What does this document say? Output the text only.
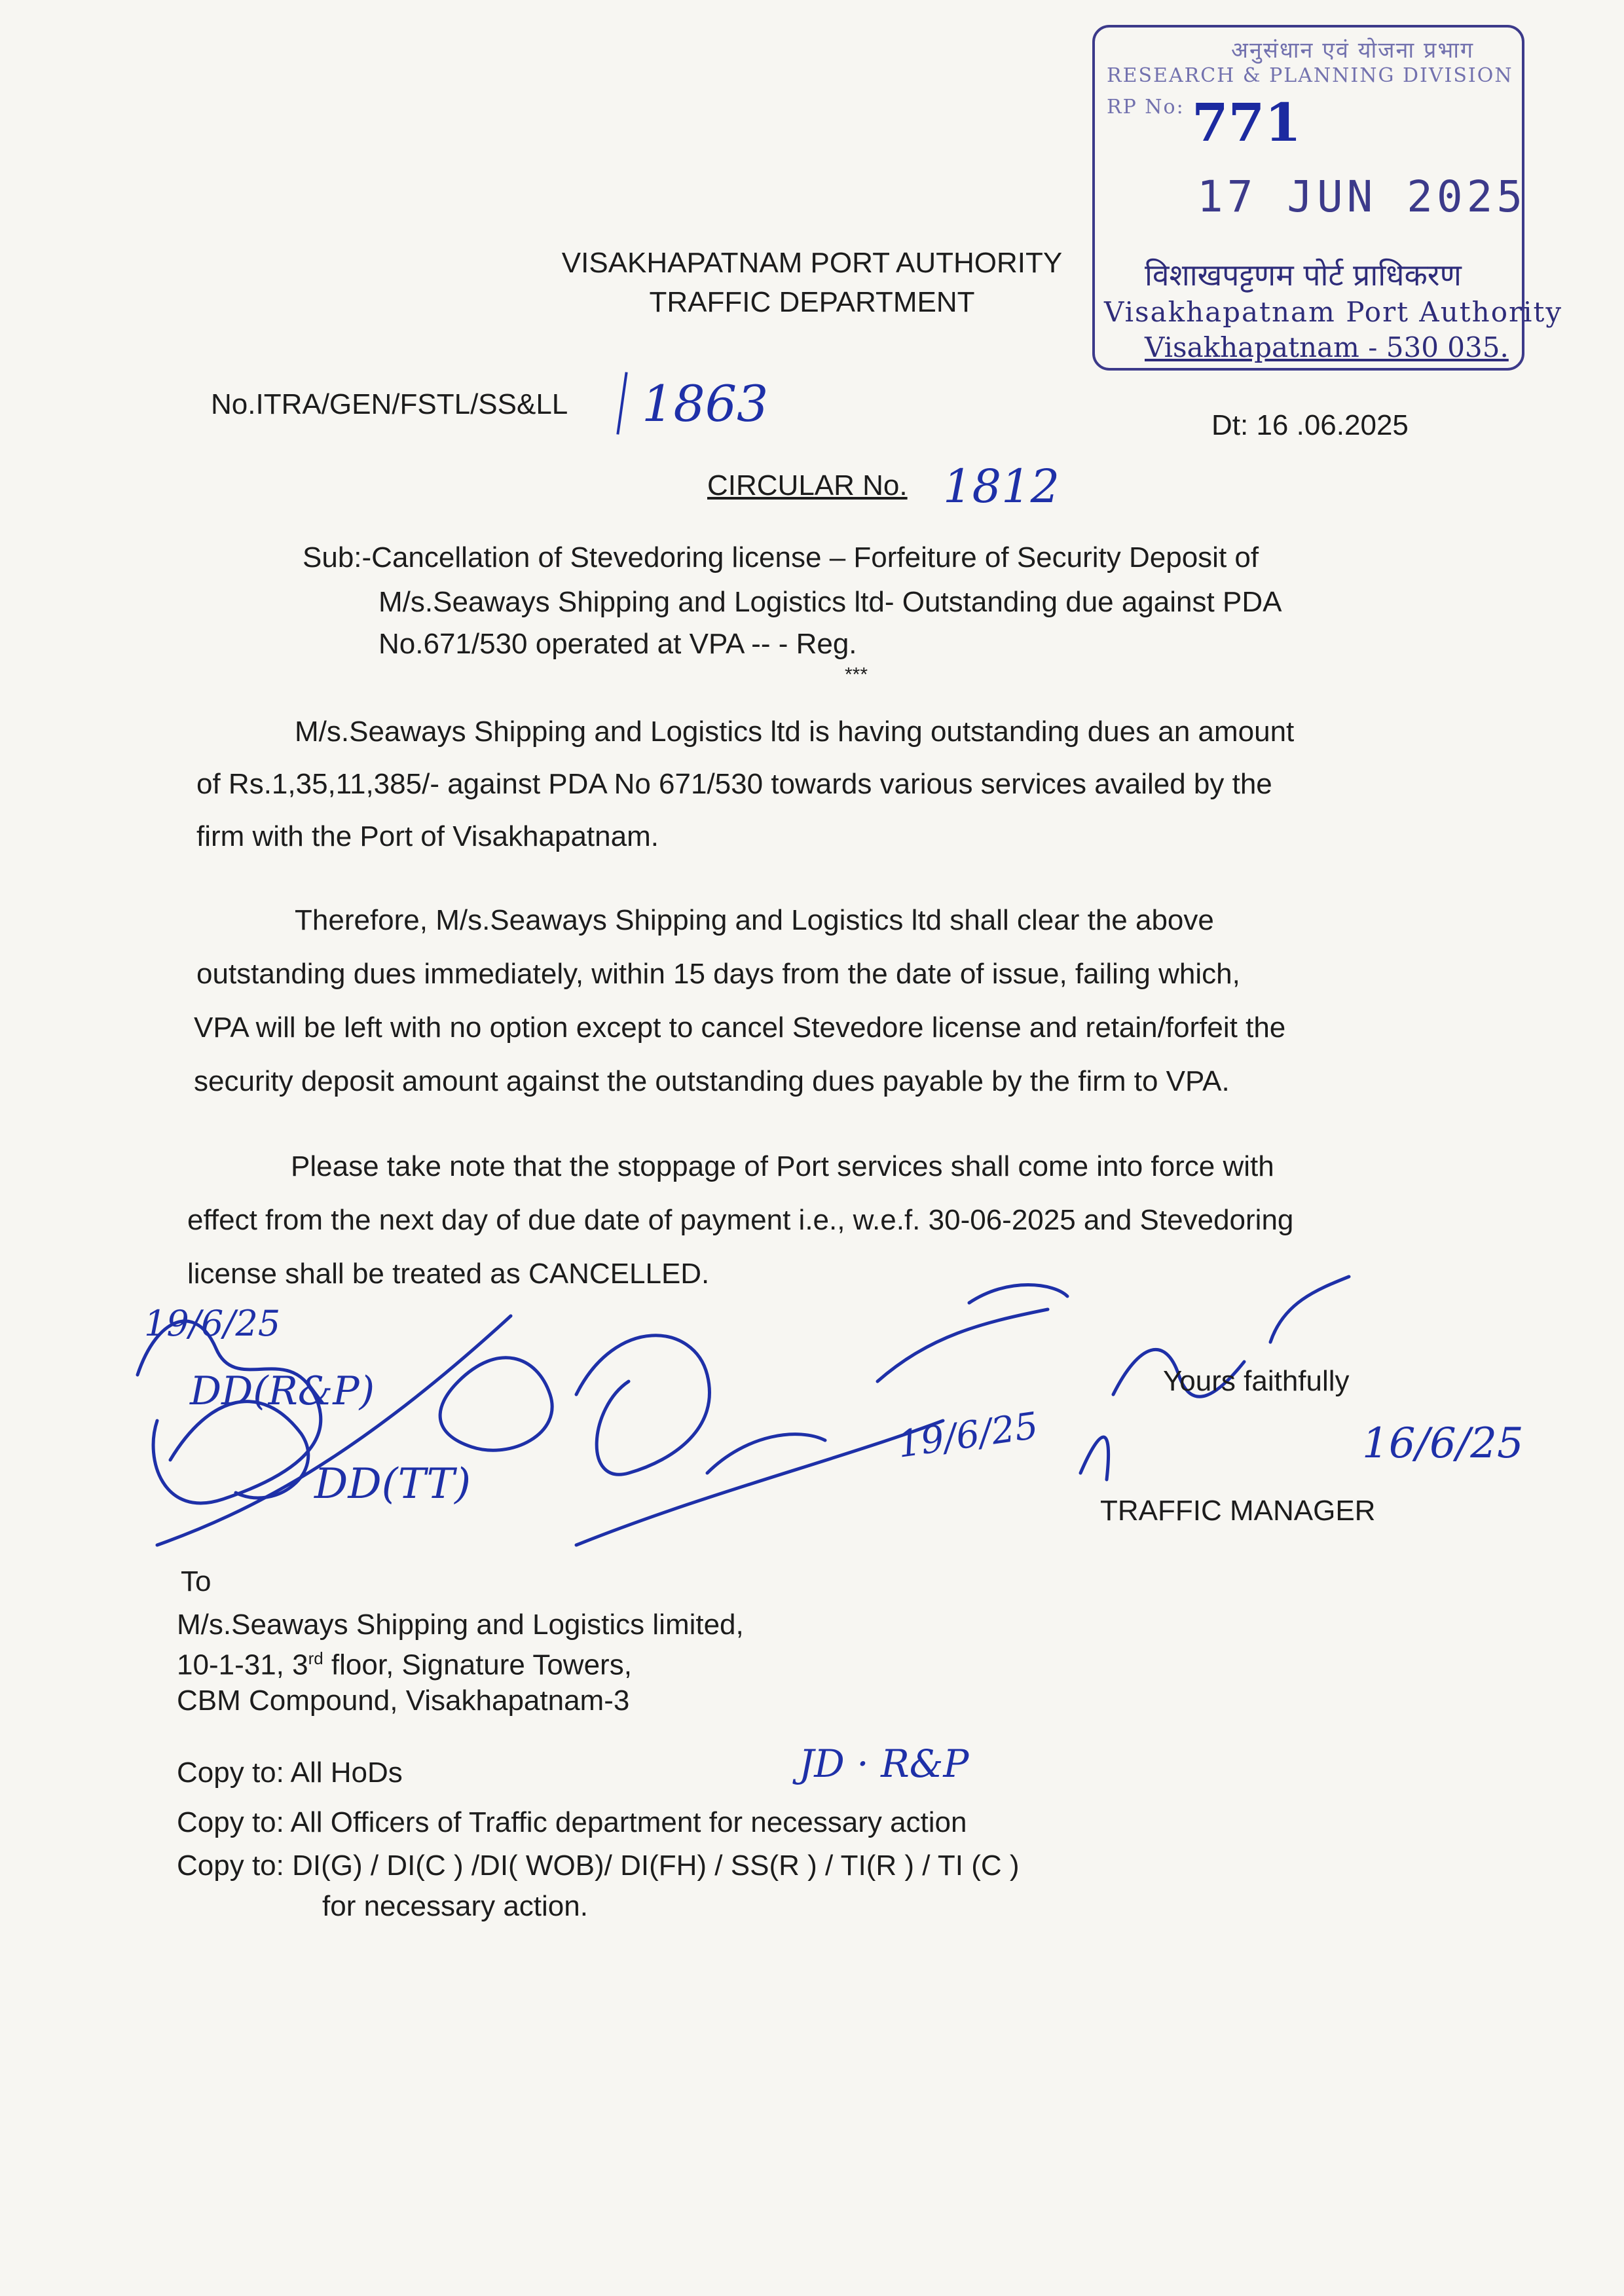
अनुसंधान एवं योजना प्रभाग
RESEARCH & PLANNING DIVISION
RP No: 771
17 JUN 2025
विशाखपट्टणम पोर्ट प्राधिकरण
Visakhapatnam Port Authority
Visakhapatnam - 530 035.
VISAKHAPATNAM PORT AUTHORITY
TRAFFIC DEPARTMENT
No.ITRA/GEN/FSTL/SS&LL 1863	Dt: 16 .06.2025
CIRCULAR No. 1812
Sub:-Cancellation of Stevedoring license – Forfeiture of Security Deposit of
M/s.Seaways Shipping and Logistics ltd- Outstanding due against PDA
No.671/530 operated at VPA -- - Reg.
***
M/s.Seaways Shipping and Logistics ltd is having outstanding dues an amount
of Rs.1,35,11,385/- against PDA No 671/530 towards various services availed by the
firm with the Port of Visakhapatnam.
Therefore, M/s.Seaways Shipping and Logistics ltd shall clear the above
outstanding dues immediately, within 15 days from the date of issue, failing which,
VPA will be left with no option except to cancel Stevedore license and retain/forfeit the
security deposit amount against the outstanding dues payable by the firm to VPA.
Please take note that the stoppage of Port services shall come into force with
effect from the next day of due date of payment i.e., w.e.f. 30-06-2025 and Stevedoring
license shall be treated as CANCELLED.
19/6/25
DD(R&P)
DD(TT)
19/6/25
Yours faithfully
16/6/25
TRAFFIC MANAGER
To
M/s.Seaways Shipping and Logistics limited,
10-1-31, 3rd floor, Signature Towers,
CBM Compound, Visakhapatnam-3
Copy to: All HoDs	JD · R&P
Copy to: All Officers of Traffic department for necessary action
Copy to: DI(G) / DI(C ) /DI( WOB)/ DI(FH) / SS(R ) / TI(R ) / TI (C )
for necessary action.
